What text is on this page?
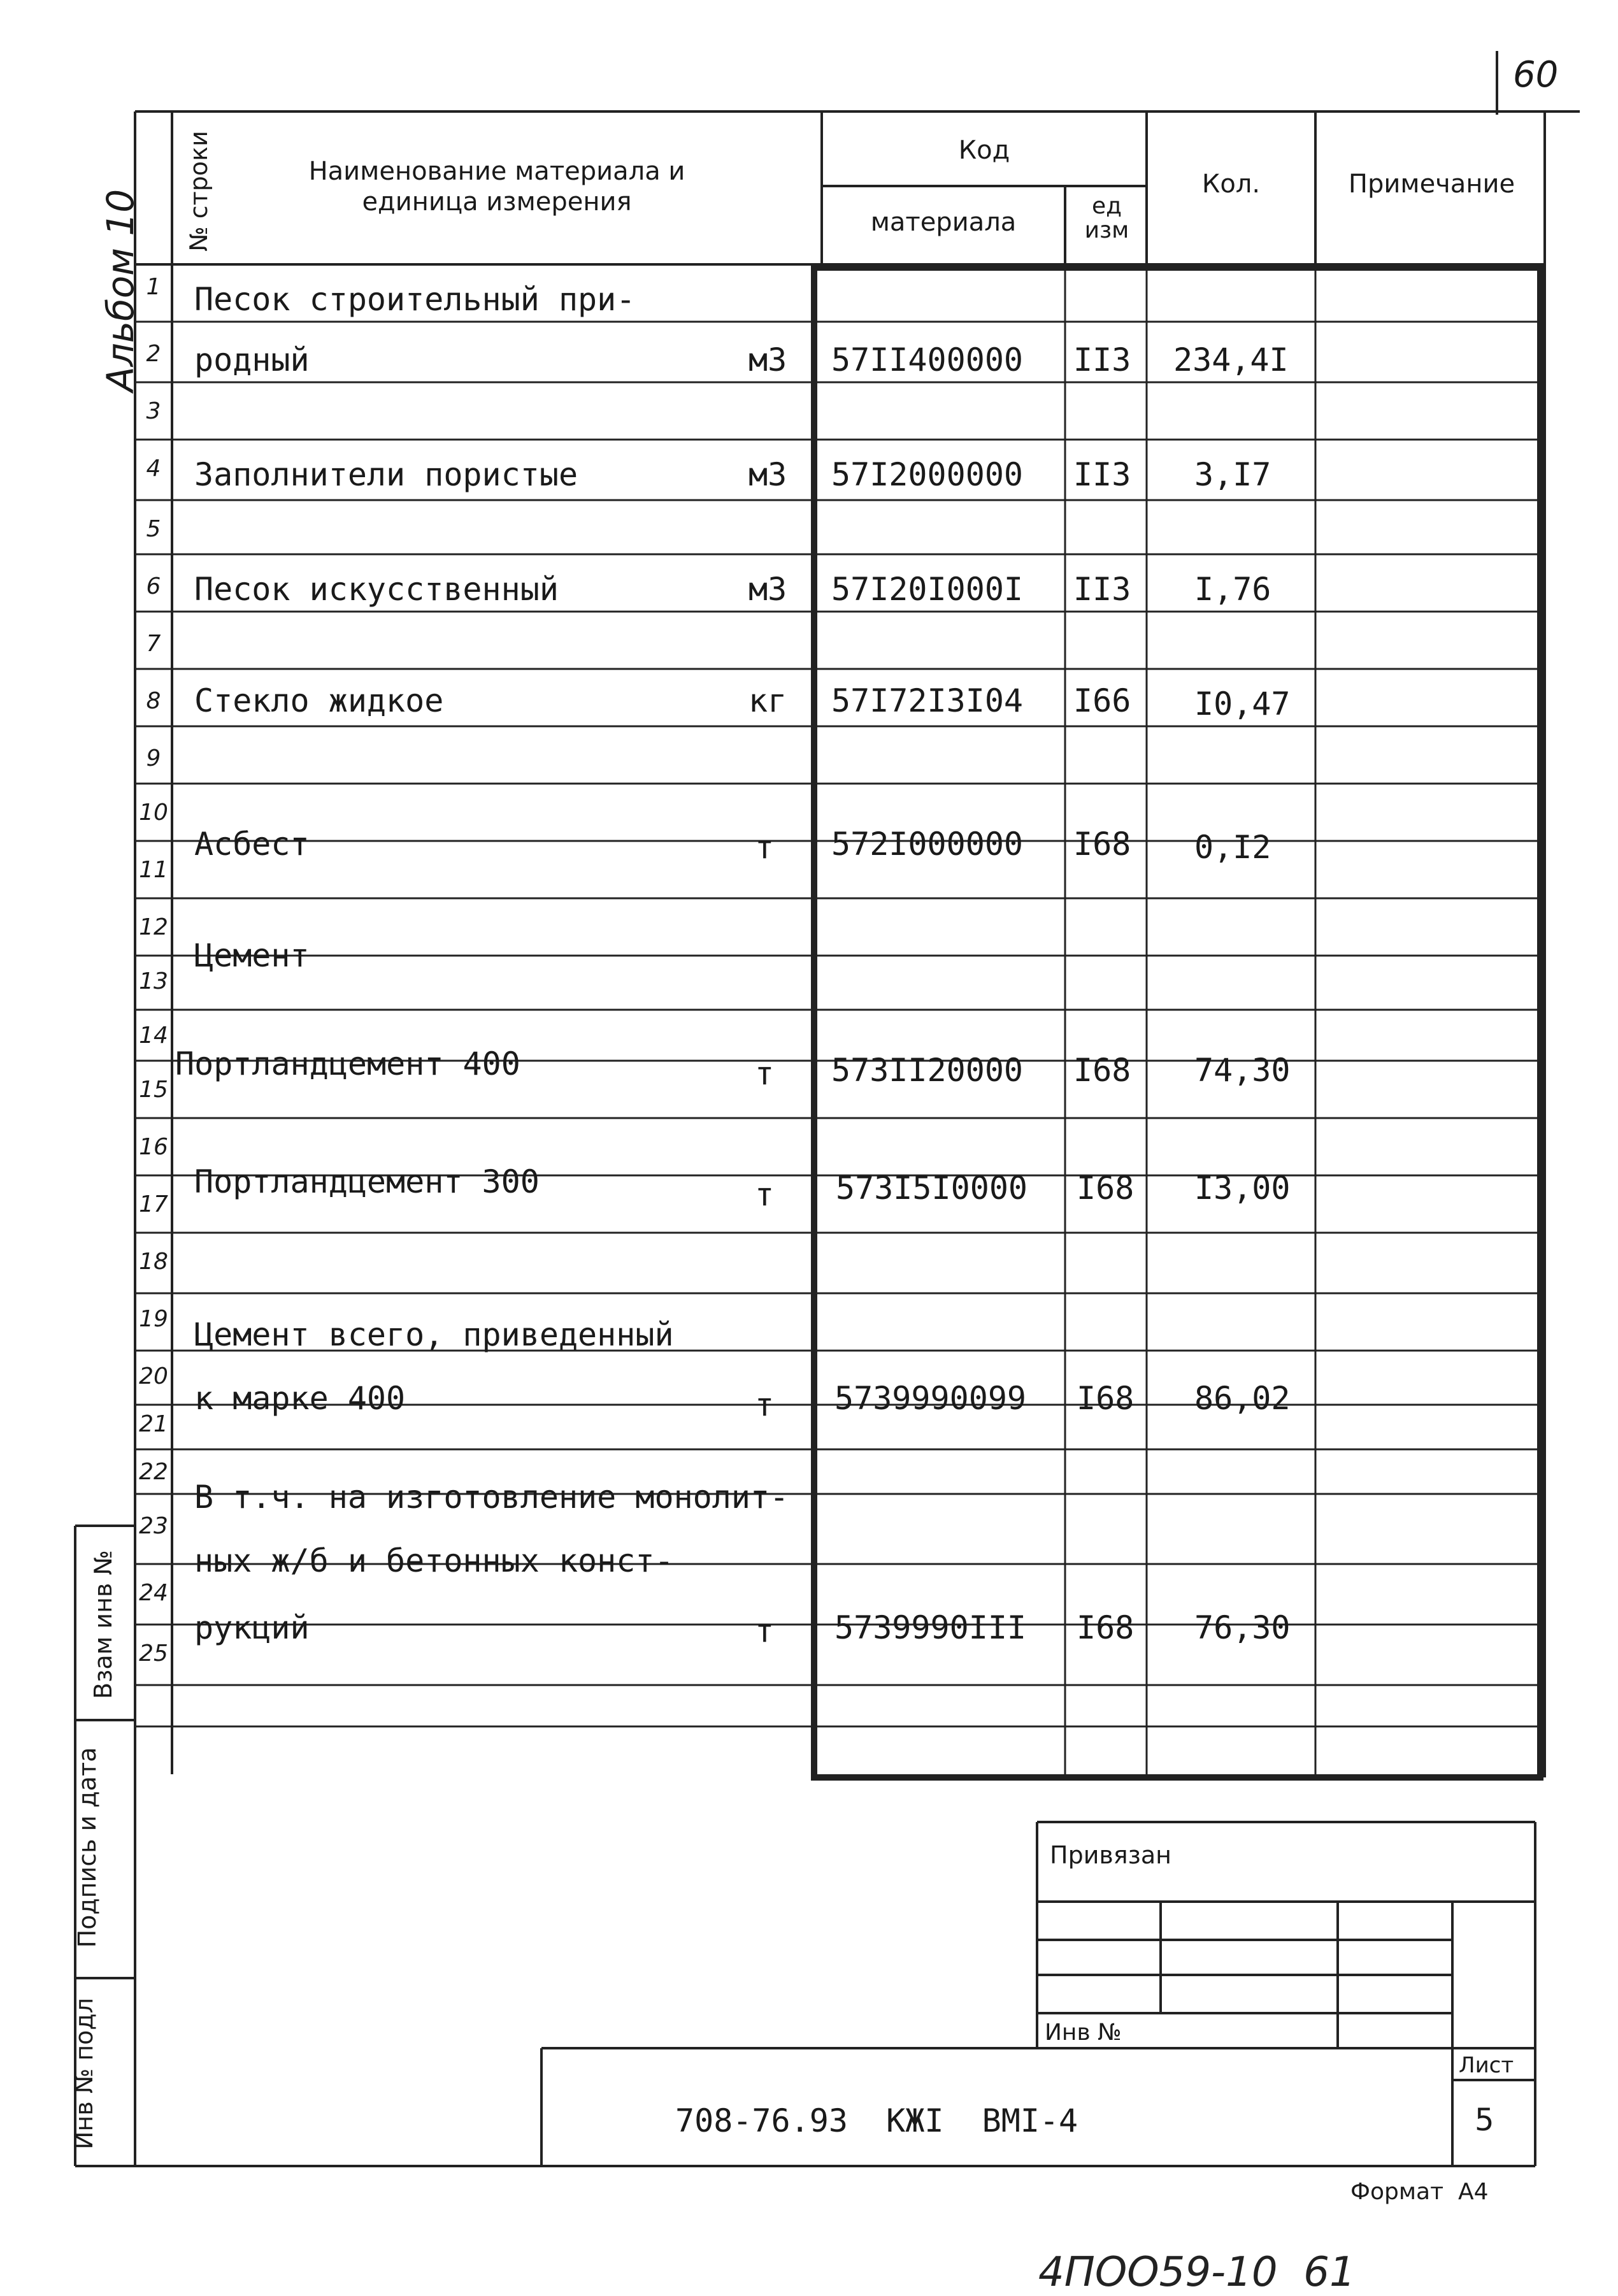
60
Альбом 10 № строки	Наименование материала и единица измерения
Код
материала
ед изм
Кол.	Примечание
1
2
3
4
5
6
7
8
9
10
11
12
13
14
15
16
17
18
19
20
21
22
23
24
25
Песок строительный при-
родный
Заполнители пористые
Песок искусственный
Стекло жидкое
Асбест
Цемент
Портландцемент 400
Портландцемент 300
Цемент всего, приведенный
к марке 400
В т.ч. на изготовление монолит-
ных ж/б и бетонных конст-
рукций
м3
м3
м3
кг
т
т
т
т
т
57II400000
57I2000000
57I20I000I
57I72I3I04
572I000000
573II20000
573I5I0000
5739990099
5739990III
II3
II3
II3
I66
I68
I68
I68
I68
I68
234,4I
3,I7
I,76
I0,47
0,I2
74,30
I3,00
86,02
76,30
Взам инв №
Подпись и дата
Инв № подл
Привязан
Инв №
708-76.93  КЖI  ВМI-4
Лист
5
Формат  А4
4ПОО59-10  61
